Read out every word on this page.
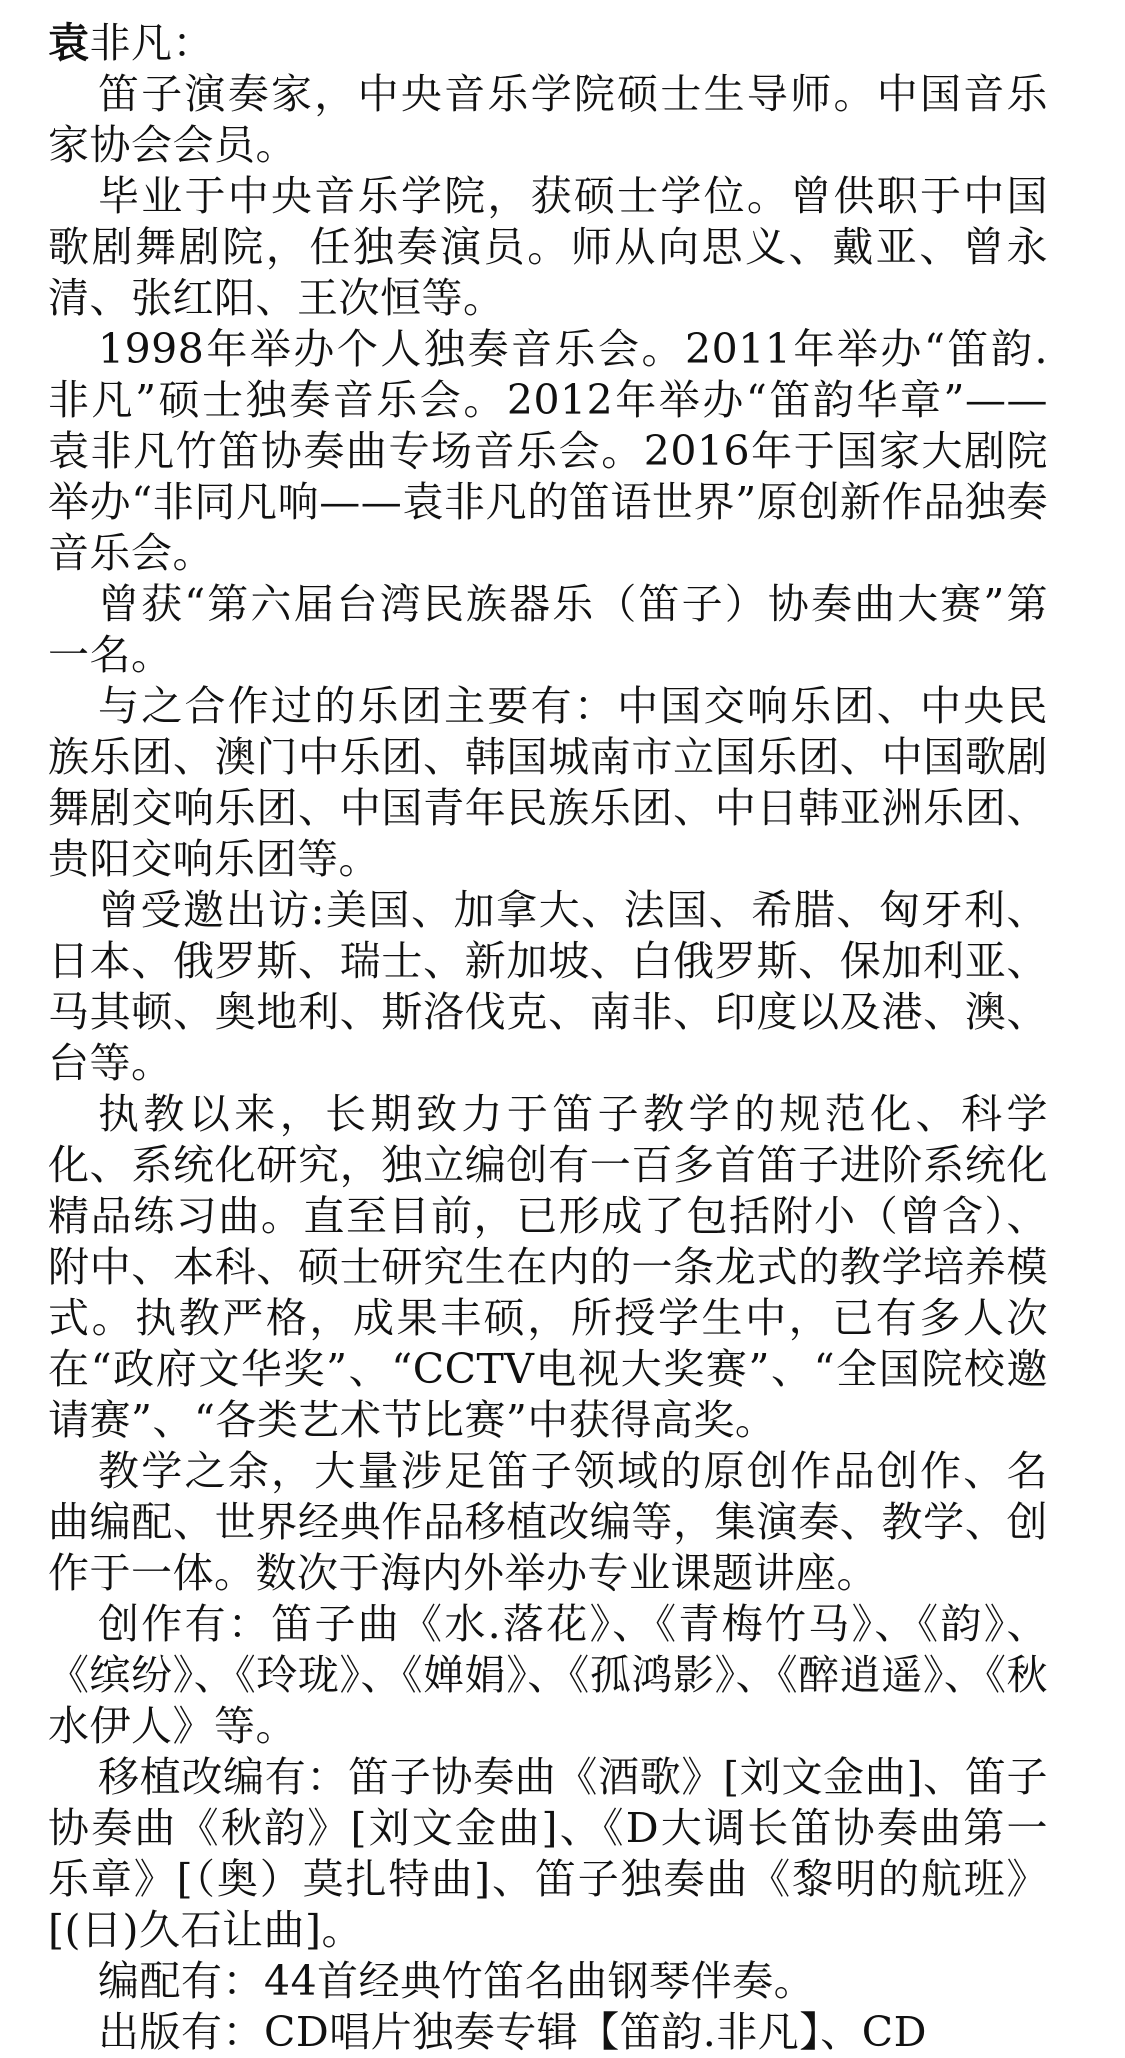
袁非凡：

笛子演奏家，中央音乐学院硕士生导师。中国音乐家协会会员。

毕业于中央音乐学院，获硕士学位。曾供职于中国歌剧舞剧院，任独奏演员。师从向思义、戴亚、曾永清、张红阳、王次恒等。

1998年举办个人独奏音乐会。2011年举办“笛韵.非凡”硕士独奏音乐会。2012年举办“笛韵华章”——袁非凡竹笛协奏曲专场音乐会。2016年于国家大剧院举办“非同凡响——袁非凡的笛语世界”原创新作品独奏音乐会。

曾获“第六届台湾民族器乐（笛子）协奏曲大赛”第一名。

与之合作过的乐团主要有：中国交响乐团、中央民族乐团、澳门中乐团、韩国城南市立国乐团、中国歌剧舞剧交响乐团、中国青年民族乐团、中日韩亚洲乐团、贵阳交响乐团等。

曾受邀出访:美国、加拿大、法国、希腊、匈牙利、日本、俄罗斯、瑞士、新加坡、白俄罗斯、保加利亚、马其顿、奥地利、斯洛伐克、南非、印度以及港、澳、台等。

执教以来，长期致力于笛子教学的规范化、科学化、系统化研究，独立编创有一百多首笛子进阶系统化精品练习曲。直至目前，已形成了包括附小（曾含）、附中、本科、硕士研究生在内的一条龙式的教学培养模式。执教严格，成果丰硕，所授学生中，已有多人次在“政府文华奖”、“CCTV电视大奖赛”、“全国院校邀请赛”、“各类艺术节比赛”中获得高奖。

教学之余，大量涉足笛子领域的原创作品创作、名曲编配、世界经典作品移植改编等，集演奏、教学、创作于一体。数次于海内外举办专业课题讲座。

创作有：笛子曲《水.落花》、《青梅竹马》、《韵》、《缤纷》、《玲珑》、《婵娟》、《孤鸿影》、《醉逍遥》、《秋水伊人》等。

移植改编有：笛子协奏曲《酒歌》[刘文金曲]、笛子协奏曲《秋韵》[刘文金曲]、《D大调长笛协奏曲第一乐章》[（奥）莫扎特曲]、笛子独奏曲《黎明的航班》[(日)久石让曲]。

编配有：44首经典竹笛名曲钢琴伴奏。

出版有：CD唱片独奏专辑【笛韵.非凡】、CD
